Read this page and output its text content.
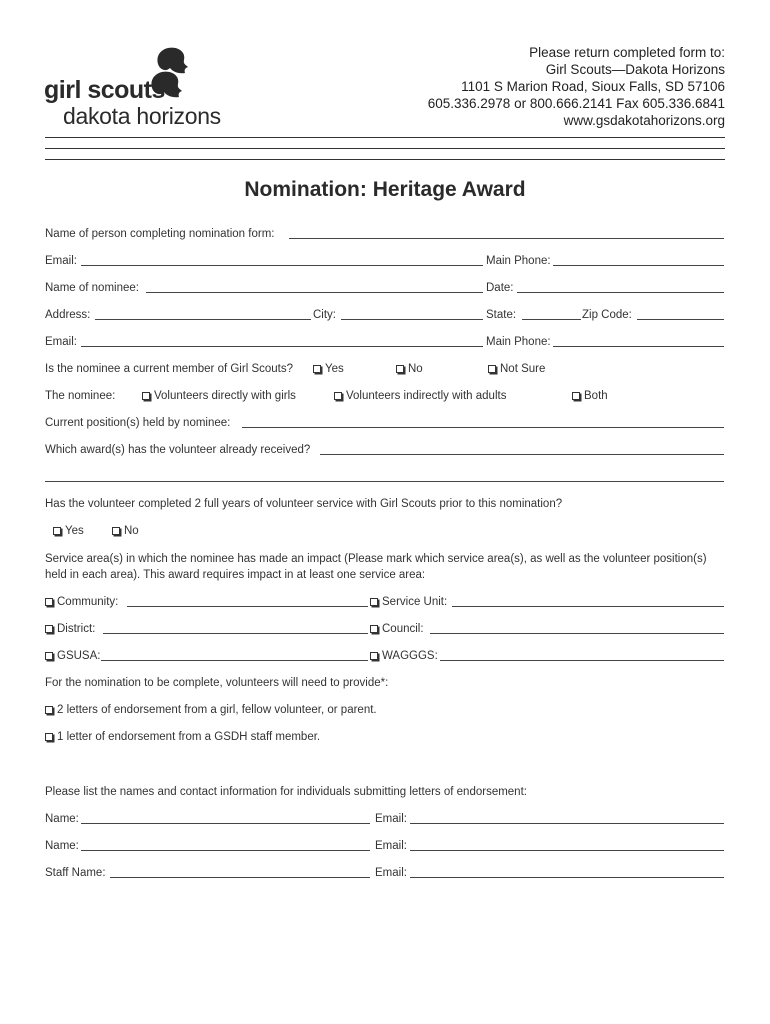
girl scouts
dakota horizons
Please return completed form to:
Girl Scouts—Dakota Horizons
1101 S Marion Road, Sioux Falls, SD 57106
605.336.2978 or 800.666.2141 Fax 605.336.6841
www.gsdakotahorizons.org
Nomination: Heritage Award
Name of person completing nomination form:
Email:	Main Phone:
Name of nominee:	Date:
Address:	City:	State:	Zip Code:
Email:	Main Phone:
Is the nominee a current member of Girl Scouts?	Yes	No	Not Sure
The nominee:	Volunteers directly with girls	Volunteers indirectly with adults	Both
Current position(s) held by nominee:
Which award(s) has the volunteer already received?
Has the volunteer completed 2 full years of volunteer service with Girl Scouts prior to this nomination?
Yes	No
Service area(s) in which the nominee has made an impact (Please mark which service area(s), as well as the volunteer position(s)
held in each area). This award requires impact in at least one service area:
Community:	Service Unit:
District:	Council:
GSUSA:	WAGGGS:
For the nomination to be complete, volunteers will need to provide*:
2 letters of endorsement from a girl, fellow volunteer, or parent.
1 letter of endorsement from a GSDH staff member.
Please list the names and contact information for individuals submitting letters of endorsement:
Name:	Email:
Name:	Email:
Staff Name:	Email:
